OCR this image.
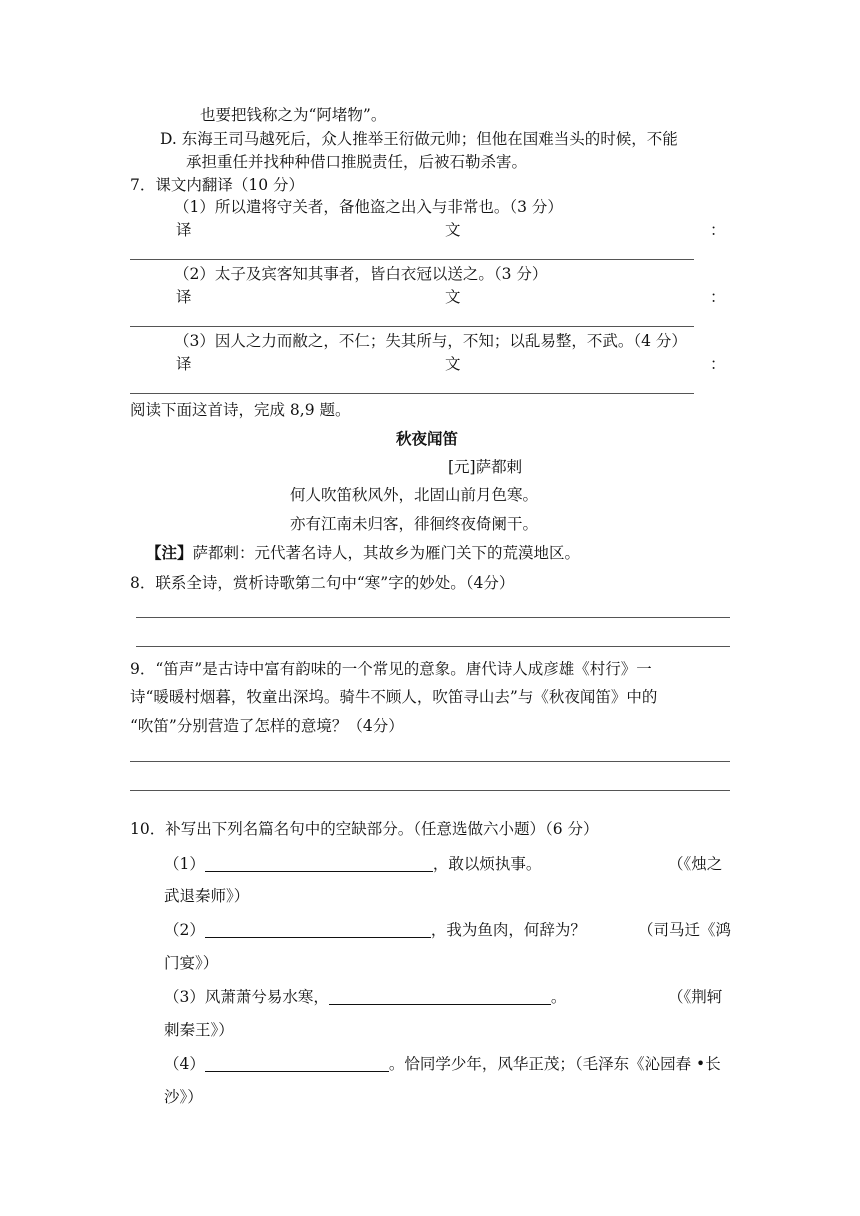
也要把钱称之为“阿堵物”。
D. 东海王司马越死后，众人推举王衍做元帅；但他在国难当头的时候，不能
承担重任并找种种借口推脱责任，后被石勒杀害。
7．课文内翻译（10 分）
（1）所以遣将守关者，备他盗之出入与非常也。（3 分）
译	文	：
（2）太子及宾客知其事者，皆白衣冠以送之。（3 分）
译	文	：
（3）因人之力而敝之，不仁；失其所与，不知；以乱易整，不武。（4 分）
译	文	：
阅读下面这首诗，完成 8,9 题。
秋夜闻笛
[元]萨都剌
何人吹笛秋风外，北固山前月色寒。
亦有江南未归客，徘徊终夜倚阑干。
【注】萨都剌：元代著名诗人，其故乡为雁门关下的荒漠地区。
8．联系全诗，赏析诗歌第二句中“寒”字的妙处。（4分）
9．“笛声”是古诗中富有韵味的一个常见的意象。唐代诗人成彦雄《村行》一
诗“暖暖村烟暮，牧童出深坞。骑牛不顾人，吹笛寻山去”与《秋夜闻笛》中的
“吹笛”分别营造了怎样的意境？（4分）
10．补写出下列名篇名句中的空缺部分。（任意选做六小题）（6 分）
（1）	，敢以烦执事。	（《烛之
武退秦师》）
（2）	，我为鱼肉，何辞为？	（司马迁《鸿
门宴》）
（3）风萧萧兮易水寒，	。	（《荆轲
刺秦王》）
（4）	。恰同学少年，风华正茂；（毛泽东《沁园春 •长
沙》）
